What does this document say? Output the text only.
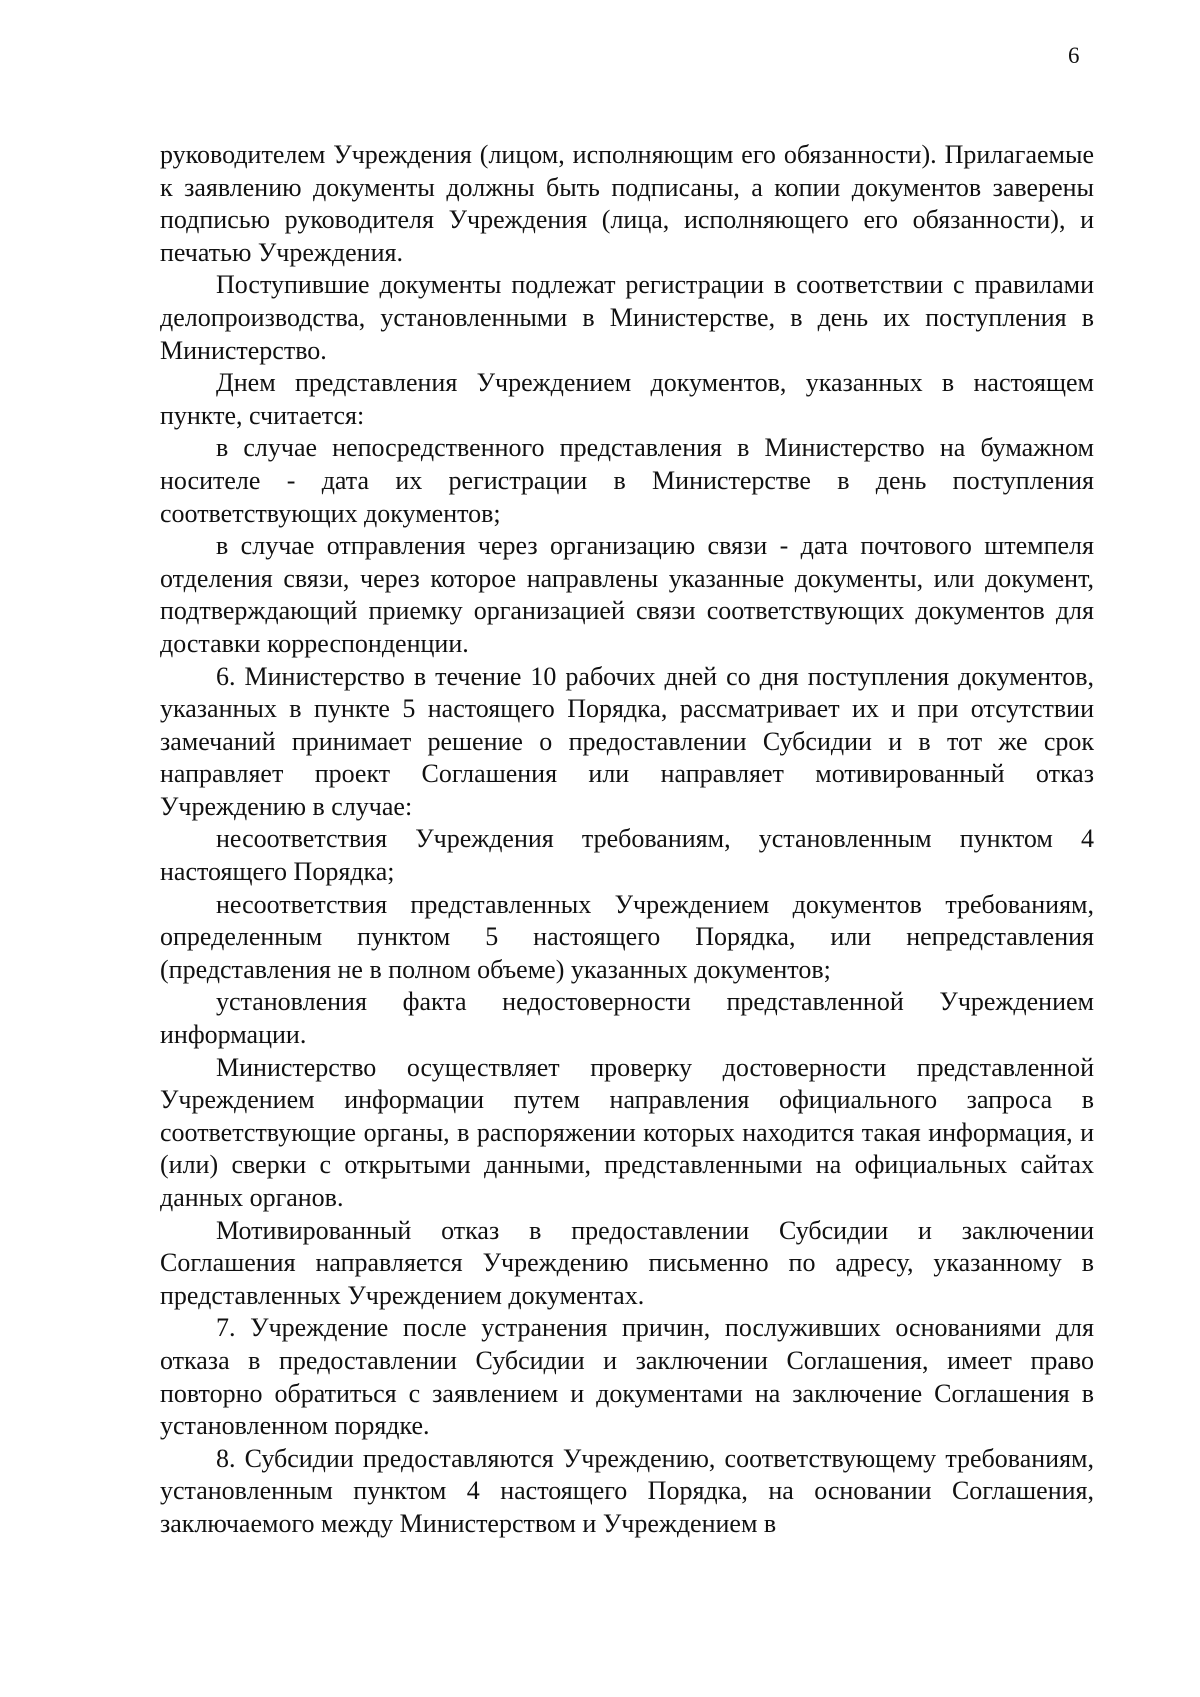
6

руководителем Учреждения (лицом, исполняющим его обязанности). Прилагаемые к заявлению документы должны быть подписаны, а копии документов заверены подписью руководителя Учреждения (лица, исполняющего его обязанности), и печатью Учреждения.

Поступившие документы подлежат регистрации в соответствии с правилами делопроизводства, установленными в Министерстве, в день их поступления в Министерство.

Днем представления Учреждением документов, указанных в настоящем пункте, считается:

в случае непосредственного представления в Министерство на бумажном носителе - дата их регистрации в Министерстве в день поступления соответствующих документов;

в случае отправления через организацию связи - дата почтового штемпеля отделения связи, через которое направлены указанные документы, или документ, подтверждающий приемку организацией связи соответствующих документов для доставки корреспонденции.

6. Министерство в течение 10 рабочих дней со дня поступления документов, указанных в пункте 5 настоящего Порядка, рассматривает их и при отсутствии замечаний принимает решение о предоставлении Субсидии и в тот же срок направляет проект Соглашения или направляет мотивированный отказ Учреждению в случае:

несоответствия Учреждения требованиям, установленным пунктом 4 настоящего Порядка;

несоответствия представленных Учреждением документов требованиям, определенным пунктом 5 настоящего Порядка, или непредставления (представления не в полном объеме) указанных документов;

установления факта недостоверности представленной Учреждением информации.

Министерство осуществляет проверку достоверности представленной Учреждением информации путем направления официального запроса в соответствующие органы, в распоряжении которых находится такая информация, и (или) сверки с открытыми данными, представленными на официальных сайтах данных органов.

Мотивированный отказ в предоставлении Субсидии и заключении Соглашения направляется Учреждению письменно по адресу, указанному в представленных Учреждением документах.

7. Учреждение после устранения причин, послуживших основаниями для отказа в предоставлении Субсидии и заключении Соглашения, имеет право повторно обратиться с заявлением и документами на заключение Соглашения в установленном порядке.

8. Субсидии предоставляются Учреждению, соответствующему требованиям, установленным пунктом 4 настоящего Порядка, на основании Соглашения, заключаемого между Министерством и Учреждением в
